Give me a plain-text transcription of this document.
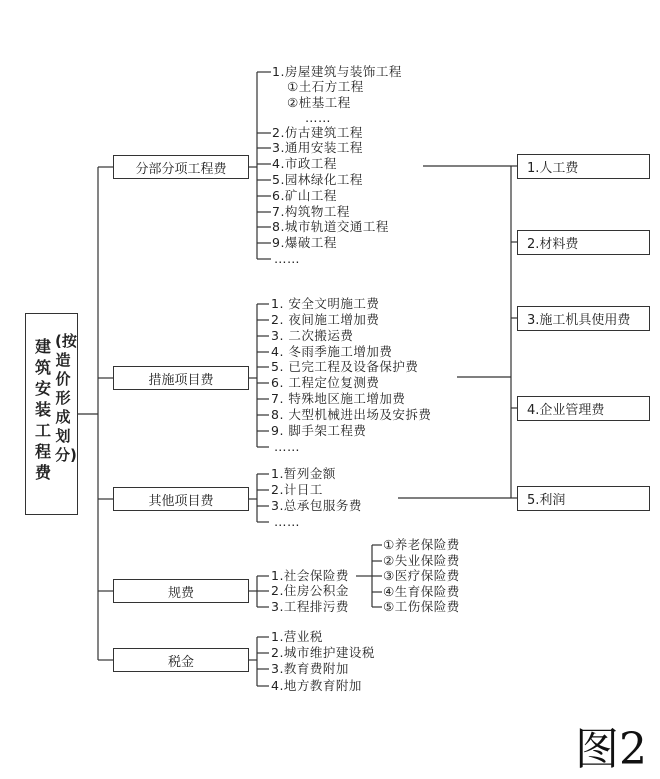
建筑安装工程费
(按造价形成划分)
分部分项工程费
措施项目费
其他项目费
规费
税金
1.房屋建筑与装饰工程
①土石方工程
②桩基工程
……
2.仿古建筑工程
3.通用安装工程
4.市政工程
5.园林绿化工程
6.矿山工程
7.构筑物工程
8.城市轨道交通工程
9.爆破工程
……
1. 安全文明施工费
2. 夜间施工增加费
3. 二次搬运费
4. 冬雨季施工增加费
5. 已完工程及设备保护费
6. 工程定位复测费
7. 特殊地区施工增加费
8. 大型机械进出场及安拆费
9. 脚手架工程费
……
1.暂列金额
2.计日工
3.总承包服务费
……
1.社会保险费
2.住房公积金
3.工程排污费
①养老保险费
②失业保险费
③医疗保险费
④生育保险费
⑤工伤保险费
1.营业税
2.城市维护建设税
3.教育费附加
4.地方教育附加
1.人工费
2.材料费
3.施工机具使用费
4.企业管理费
5.利润
图2
